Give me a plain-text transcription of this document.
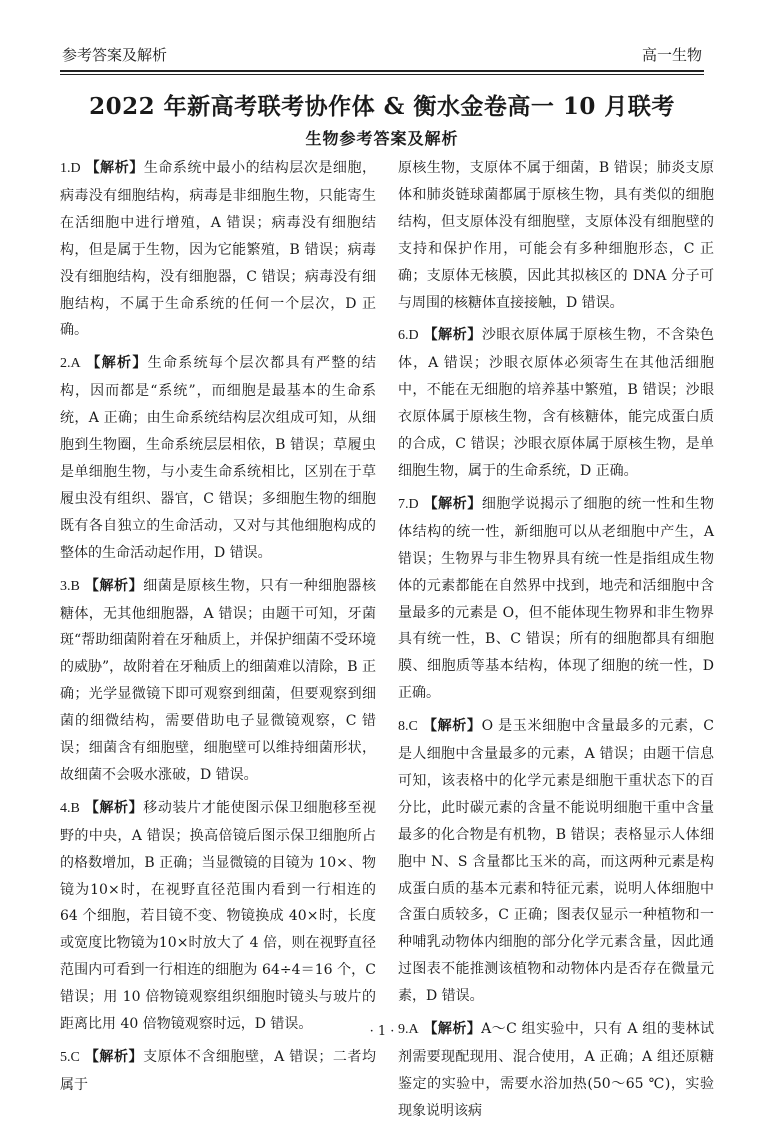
参考答案及解析	高一生物
2022 年新高考联考协作体 & 衡水金卷高一 10 月联考
生物参考答案及解析

1.D 【解析】生命系统中最小的结构层次是细胞，病毒没有细胞结构，病毒是非细胞生物，只能寄生在活细胞中进行增殖，A 错误；病毒没有细胞结构，但是属于生物，因为它能繁殖，B 错误；病毒没有细胞结构，没有细胞器，C 错误；病毒没有细胞结构，不属于生命系统的任何一个层次，D 正确。

2.A 【解析】生命系统每个层次都具有严整的结构，因而都是“系统”，而细胞是最基本的生命系统，A 正确；由生命系统结构层次组成可知，从细胞到生物圈，生命系统层层相依，B 错误；草履虫是单细胞生物，与小麦生命系统相比，区别在于草履虫没有组织、器官，C 错误；多细胞生物的细胞既有各自独立的生命活动，又对与其他细胞构成的整体的生命活动起作用，D 错误。

3.B 【解析】细菌是原核生物，只有一种细胞器核糖体，无其他细胞器，A 错误；由题干可知，牙菌斑“帮助细菌附着在牙釉质上，并保护细菌不受环境的威胁”，故附着在牙釉质上的细菌难以清除，B 正确；光学显微镜下即可观察到细菌，但要观察到细菌的细微结构，需要借助电子显微镜观察，C 错误；细菌含有细胞壁，细胞壁可以维持细菌形状，故细菌不会吸水涨破，D 错误。

4.B 【解析】移动装片才能使图示保卫细胞移至视野的中央，A 错误；换高倍镜后图示保卫细胞所占的格数增加，B 正确；当显微镜的目镜为 10×、物镜为10×时，在视野直径范围内看到一行相连的 64 个细胞，若目镜不变、物镜换成 40×时，长度或宽度比物镜为10×时放大了 4 倍，则在视野直径范围内可看到一行相连的细胞为 64÷4＝16 个，C 错误；用 10 倍物镜观察组织细胞时镜头与玻片的距离比用 40 倍物镜观察时远，D 错误。

5.C 【解析】支原体不含细胞壁，A 错误；二者均属于

原核生物，支原体不属于细菌，B 错误；肺炎支原体和肺炎链球菌都属于原核生物，具有类似的细胞结构，但支原体没有细胞壁，支原体没有细胞壁的支持和保护作用，可能会有多种细胞形态，C 正确；支原体无核膜，因此其拟核区的 DNA 分子可与周围的核糖体直接接触，D 错误。

6.D 【解析】沙眼衣原体属于原核生物，不含染色体，A 错误；沙眼衣原体必须寄生在其他活细胞中，不能在无细胞的培养基中繁殖，B 错误；沙眼衣原体属于原核生物，含有核糖体，能完成蛋白质的合成，C 错误；沙眼衣原体属于原核生物，是单细胞生物，属于的生命系统，D 正确。

7.D 【解析】细胞学说揭示了细胞的统一性和生物体结构的统一性，新细胞可以从老细胞中产生，A 错误；生物界与非生物界具有统一性是指组成生物体的元素都能在自然界中找到，地壳和活细胞中含量最多的元素是 O，但不能体现生物界和非生物界具有统一性，B、C 错误；所有的细胞都具有细胞膜、细胞质等基本结构，体现了细胞的统一性，D 正确。

8.C 【解析】O 是玉米细胞中含量最多的元素，C 是人细胞中含量最多的元素，A 错误；由题干信息可知，该表格中的化学元素是细胞干重状态下的百分比，此时碳元素的含量不能说明细胞干重中含量最多的化合物是有机物，B 错误；表格显示人体细胞中 N、S 含量都比玉米的高，而这两种元素是构成蛋白质的基本元素和特征元素，说明人体细胞中含蛋白质较多，C 正确；图表仅显示一种植物和一种哺乳动物体内细胞的部分化学元素含量，因此通过图表不能推测该植物和动物体内是否存在微量元素，D 错误。

9.A 【解析】A～C 组实验中，只有 A 组的斐林试剂需要现配现用、混合使用，A 正确；A 组还原糖鉴定的实验中，需要水浴加热(50～65 ℃)，实验现象说明该病

· 1 ·
